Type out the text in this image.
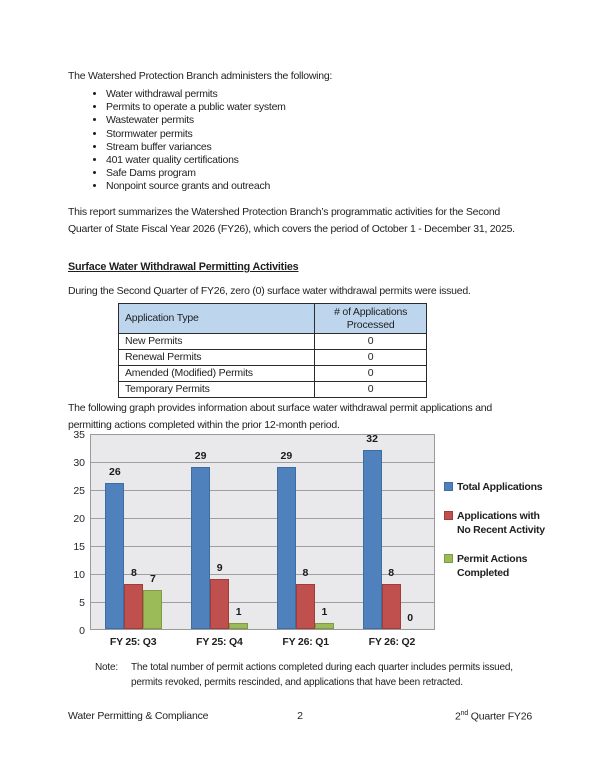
The Watershed Protection Branch administers the following:

• Water withdrawal permits
• Permits to operate a public water system
• Wastewater permits
• Stormwater permits
• Stream buffer variances
• 401 water quality certifications
• Safe Dams program
• Nonpoint source grants and outreach

This report summarizes the Watershed Protection Branch’s programmatic activities for the Second Quarter of State Fiscal Year 2026 (FY26), which covers the period of October 1 - December 31, 2025.

Surface Water Withdrawal Permitting Activities

During the Second Quarter of FY26, zero (0) surface water withdrawal permits were issued.

Application Type	# of Applications Processed
New Permits	0
Renewal Permits	0
Amended (Modified) Permits	0
Temporary Permits	0

The following graph provides information about surface water withdrawal permit applications and permitting actions completed within the prior 12-month period.

0
5
10
15
20
25
30
35
26
8	7
29
9
1
29
8
1
32
8
0
FY 25: Q3	FY 25: Q4	FY 26: Q1	FY 26: Q2
Total Applications
Applications with No Recent Activity
Permit Actions Completed
Note:	The total number of permit actions completed during each quarter includes permits issued, permits revoked, permits rescinded, and applications that have been retracted.
Water Permitting & Compliance	2	2nd Quarter FY26
